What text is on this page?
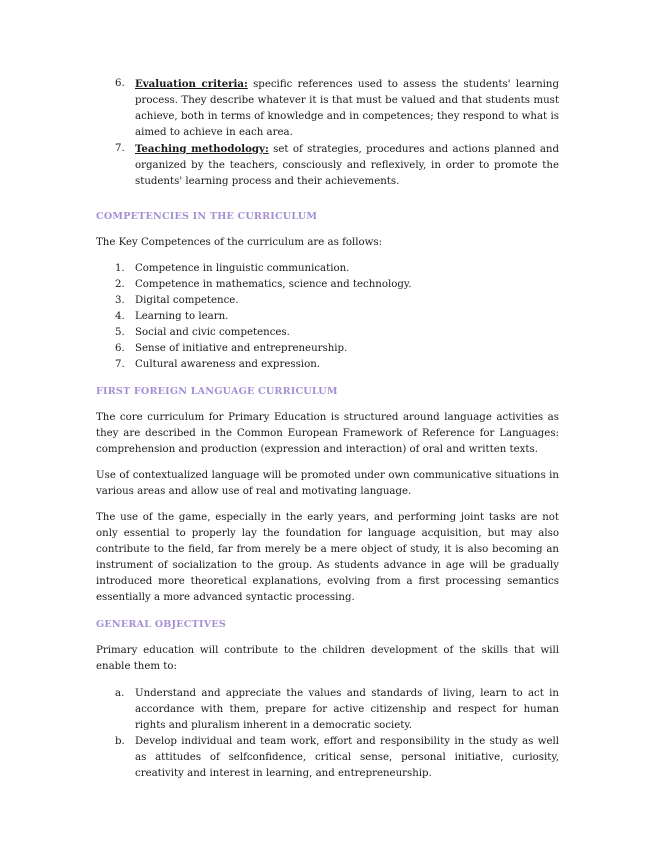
6.	Evaluation criteria: specific references used to assess the students' learning process. They describe whatever it is that must be valued and that students must achieve, both in terms of knowledge and in competences; they respond to what is aimed to achieve in each area.
7.	Teaching methodology: set of strategies, procedures and actions planned and organized by the teachers, consciously and reflexively, in order to promote the students' learning process and their achievements.
COMPETENCIES IN THE CURRICULUM

The Key Competences of the curriculum are as follows:

1.	Competence in linguistic communication.
2.	Competence in mathematics, science and technology.
3.	Digital competence.
4.	Learning to learn.
5.	Social and civic competences.
6.	Sense of initiative and entrepreneurship.
7.	Cultural awareness and expression.
FIRST FOREIGN LANGUAGE CURRICULUM

The core curriculum for Primary Education is structured around language activities as they are described in the Common European Framework of Reference for Languages: comprehension and production (expression and interaction) of oral and written texts.

Use of contextualized language will be promoted under own communicative situations in various areas and allow use of real and motivating language.

The use of the game, especially in the early years, and performing joint tasks are not only essential to properly lay the foundation for language acquisition, but may also contribute to the field, far from merely be a mere object of study, it is also becoming an instrument of socialization to the group. As students advance in age will be gradually introduced more theoretical explanations, evolving from a first processing semantics essentially a more advanced syntactic processing.

GENERAL OBJECTIVES

Primary education will contribute to the children development of the skills that will enable them to:

a.	Understand and appreciate the values and standards of living, learn to act in accordance with them, prepare for active citizenship and respect for human rights and pluralism inherent in a democratic society.
b.	Develop individual and team work, effort and responsibility in the study as well as attitudes of selfconfidence, critical sense, personal initiative, curiosity, creativity and interest in learning, and entrepreneurship.
